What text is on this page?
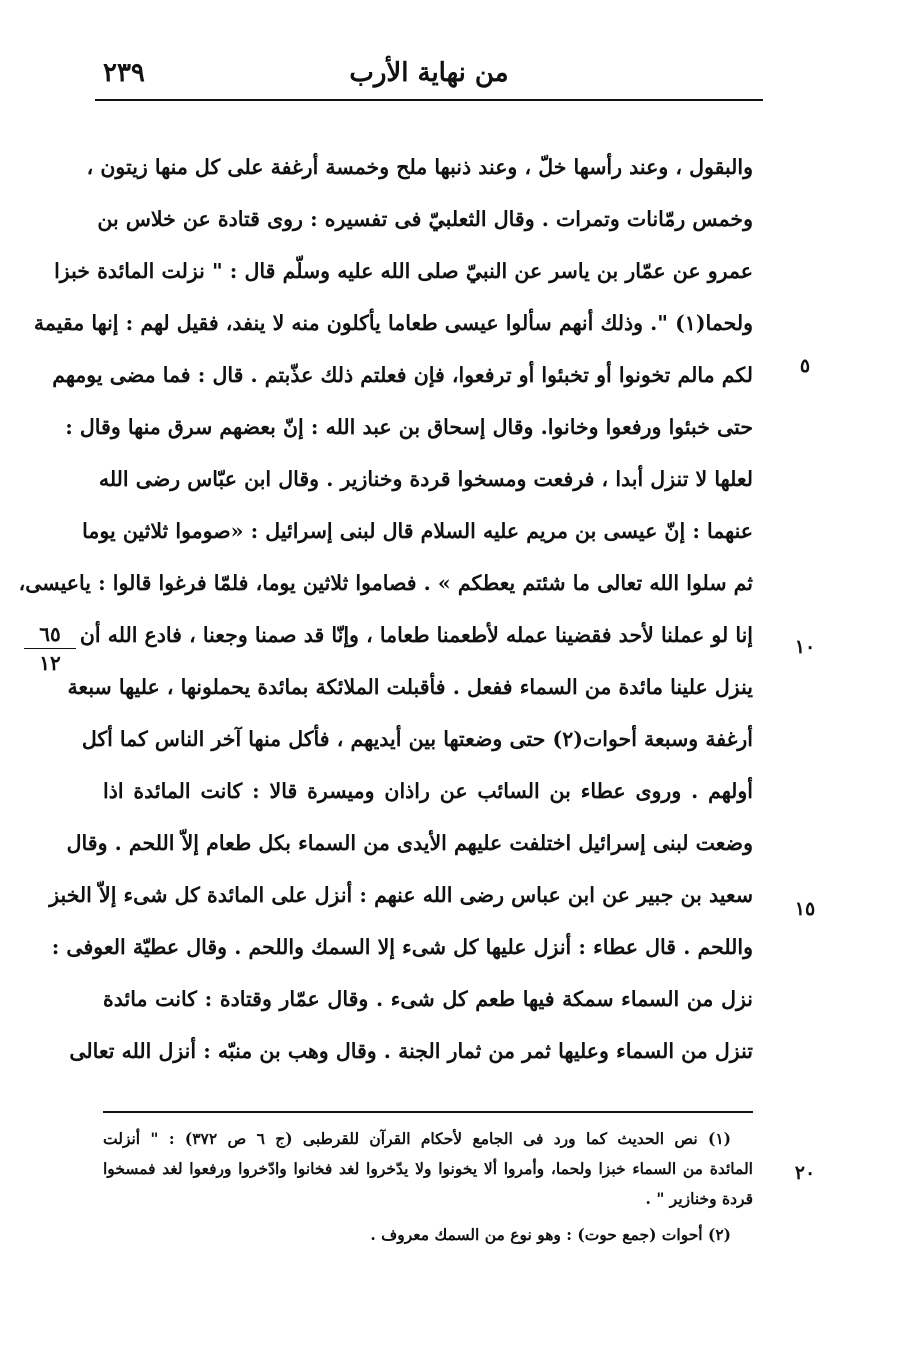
٢٣٩	من نهاية الأرب
والبقول ، وعند رأسها خلّ ، وعند ذنبها ملح وخمسة أرغفة على كل منها زيتون ،
وخمس رمّانات وتمرات . وقال الثعلبيّ فى تفسيره : روى قتادة عن خلاس بن
عمرو عن عمّار بن ياسر عن النبيّ صلى الله عليه وسلّم قال : " نزلت المائدة خبزا
ولحما(١) ". وذلك أنهم سألوا عيسى طعاما يأكلون منه لا ينفد، فقيل لهم : إنها مقيمة
لكم مالم تخونوا أو تخبئوا أو ترفعوا، فإن فعلتم ذلك عذّبتم . قال : فما مضى يومهم
حتى خبئوا ورفعوا وخانوا. وقال إسحاق بن عبد الله : إنّ بعضهم سرق منها وقال :
لعلها لا تنزل أبدا ، فرفعت ومسخوا قردة وخنازير . وقال ابن عبّاس رضى الله
عنهما : إنّ عيسى بن مريم عليه السلام قال لبنى إسرائيل : «صوموا ثلاثين يوما
ثم سلوا الله تعالى ما شئتم يعطكم » . فصاموا ثلاثين يوما، فلمّا فرغوا قالوا : ياعيسى،
إنا لو عملنا لأحد فقضينا عمله لأطعمنا طعاما ، وإنّا قد صمنا وجعنا ، فادع الله أن
ينزل علينا مائدة من السماء ففعل . فأقبلت الملائكة بمائدة يحملونها ، عليها سبعة
أرغفة وسبعة أحوات(٢) حتى وضعتها بين أيديهم ، فأكل منها آخر الناس كما أكل
أولهم . وروى عطاء بن السائب عن راذان وميسرة قالا : كانت المائدة اذا
وضعت لبنى إسرائيل اختلفت عليهم الأيدى من السماء بكل طعام إلاّ اللحم . وقال
سعيد بن جبير عن ابن عباس رضى الله عنهم : أنزل على المائدة كل شىء إلاّ الخبز
واللحم . قال عطاء : أنزل عليها كل شىء إلا السمك واللحم . وقال عطيّة العوفى :
نزل من السماء سمكة فيها طعم كل شىء . وقال عمّار وقتادة : كانت مائدة
تنزل من السماء وعليها ثمر من ثمار الجنة . وقال وهب بن منبّه : أنزل الله تعالى
٥
١٠
١٥
٦٥
١٢
(١) نص الحديث كما ورد فى الجامع لأحكام القرآن للقرطبى (ج ٦ ص ٣٧٢) : " أنزلت
المائدة من السماء خبزا ولحما، وأمروا ألا يخونوا ولا يدّخروا لغد فخانوا وادّخروا ورفعوا لغد فمسخوا
قردة وخنازير " .
(٢) أحوات (جمع حوت) : وهو نوع من السمك معروف .
٢٠
